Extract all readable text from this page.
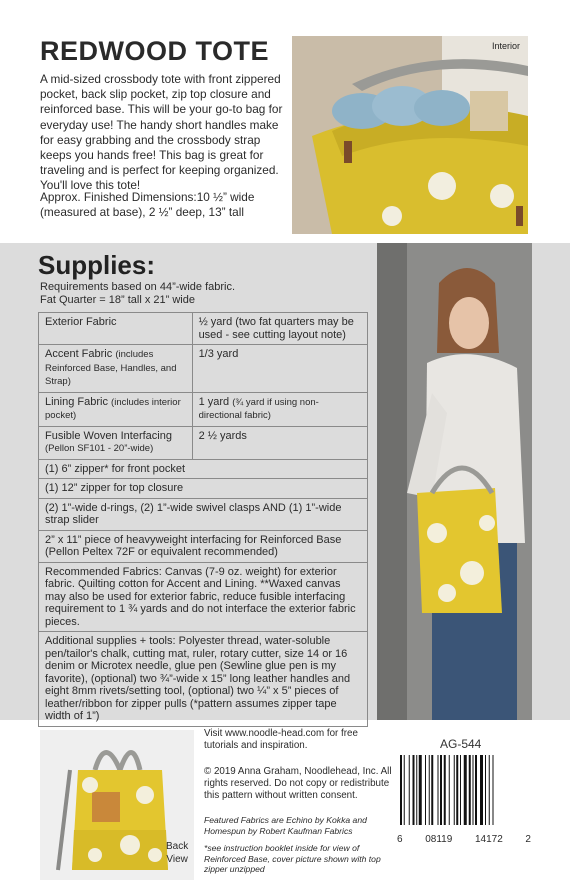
REDWOOD TOTE

A mid-sized crossbody tote with front zippered pocket, back slip pocket, zip top closure and reinforced base. This will be your go-to bag for everyday use! The handy short handles make for easy grabbing and the crossbody strap keeps you hands free! This bag is great for traveling and is perfect for keeping organized. You'll love this tote!

Approx. Finished Dimensions:10 ½” wide (measured at base), 2 ½” deep, 13” tall

Interior
Supplies:
Requirements based on 44”-wide fabric.
Fat Quarter = 18” tall x 21” wide
Exterior Fabric	½ yard (two fat quarters may be used - see cutting layout note)
Accent Fabric (includes Reinforced Base, Handles, and Strap)	1/3 yard
Lining Fabric (includes interior pocket)	1 yard (¾ yard if using non-directional fabric)
Fusible Woven Interfacing (Pellon SF101 - 20”-wide)	2 ½ yards
(1) 6” zipper* for front pocket	
(1) 12” zipper for top closure	
(2) 1”-wide d-rings, (2) 1”-wide swivel clasps AND (1) 1”-wide strap slider	
2” x 11” piece of heavyweight interfacing for Reinforced Base (Pellon Peltex 72F or equivalent recommended)	
Recommended Fabrics: Canvas (7-9 oz. weight) for exterior fabric. Quilting cotton for Accent and Lining. **Waxed canvas may also be used for exterior fabric, reduce fusible interfacing requirement to 1 ¾ yards and do not interface the exterior fabric pieces.	
Additional supplies + tools: Polyester thread, water-soluble pen/tailor's chalk, cutting mat, ruler, rotary cutter, size 14 or 16 denim or Microtex needle, glue pen (Sewline glue pen is my favorite), (optional) two ¾”-wide x 15” long leather handles and eight 8mm rivets/setting tool, (optional) two ¼” x 5” pieces of leather/ribbon for zipper pulls (*pattern assumes zipper tape width of 1”)	
Back
View

Visit www.noodle-head.com for free tutorials and inspiration.

© 2019 Anna Graham, Noodlehead, Inc. All rights reserved. Do not copy or redistribute this pattern without written consent.

Featured Fabrics are Echino by Kokka and Homespun by Robert Kaufman Fabrics

*see instruction booklet inside for view of Reinforced Base, cover picture shown with top zipper unzipped

AG-544
6 08119 14172 2
